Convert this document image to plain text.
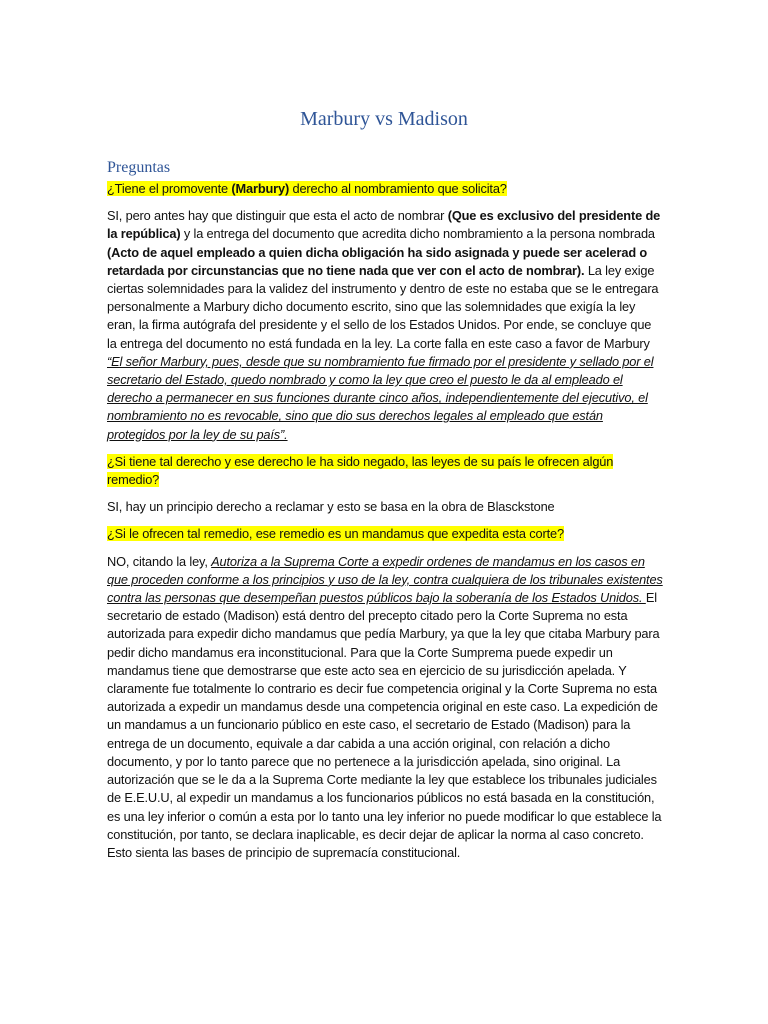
Marbury vs Madison
Preguntas

¿Tiene el promovente (Marbury) derecho al nombramiento que solicita?

SI, pero antes hay que distinguir que esta el acto de nombrar (Que es exclusivo del presidente de la república) y la entrega del documento que acredita dicho nombramiento a la persona nombrada (Acto de aquel empleado a quien dicha obligación ha sido asignada y puede ser acelerad o retardada por circunstancias que no tiene nada que ver con el acto de nombrar). La ley exige ciertas solemnidades para la validez del instrumento y dentro de este no estaba que se le entregara personalmente a Marbury dicho documento escrito, sino que las solemnidades que exigía la ley eran, la firma autógrafa del presidente y el sello de los Estados Unidos. Por ende, se concluye que la entrega del documento no está fundada en la ley. La corte falla en este caso a favor de Marbury “El señor Marbury, pues, desde que su nombramiento fue firmado por el presidente y sellado por el secretario del Estado, quedo nombrado y como la ley que creo el puesto le da al empleado el derecho a permanecer en sus funciones durante cinco años, independientemente del ejecutivo, el nombramiento no es revocable, sino que dio sus derechos legales al empleado que están protegidos por la ley de su país”.

¿Si tiene tal derecho y ese derecho le ha sido negado, las leyes de su país le ofrecen algún remedio?

SI, hay un principio derecho a reclamar y esto se basa en la obra de Blasckstone

¿Si le ofrecen tal remedio, ese remedio es un mandamus que expedita esta corte?

NO, citando la ley, Autoriza a la Suprema Corte a expedir ordenes de mandamus en los casos en que proceden conforme a los principios y uso de la ley, contra cualquiera de los tribunales existentes contra las personas que desempeñan puestos públicos bajo la soberanía de los Estados Unidos. El secretario de estado (Madison) está dentro del precepto citado pero la Corte Suprema no esta autorizada para expedir dicho mandamus que pedía Marbury, ya que la ley que citaba Marbury para pedir dicho mandamus era inconstitucional. Para que la Corte Sumprema puede expedir un mandamus tiene que demostrarse que este acto sea en ejercicio de su jurisdicción apelada. Y claramente fue totalmente lo contrario es decir fue competencia original y la Corte Suprema no esta autorizada a expedir un mandamus desde una competencia original en este caso. La expedición de un mandamus a un funcionario público en este caso, el secretario de Estado (Madison) para la entrega de un documento, equivale a dar cabida a una acción original, con relación a dicho documento, y por lo tanto parece que no pertenece a la jurisdicción apelada, sino original. La autorización que se le da a la Suprema Corte mediante la ley que establece los tribunales judiciales de E.E.U.U, al expedir un mandamus a los funcionarios públicos no está basada en la constitución, es una ley inferior o común a esta por lo tanto una ley inferior no puede modificar lo que establece la constitución, por tanto, se declara inaplicable, es decir dejar de aplicar la norma al caso concreto. Esto sienta las bases de principio de supremacía constitucional.
